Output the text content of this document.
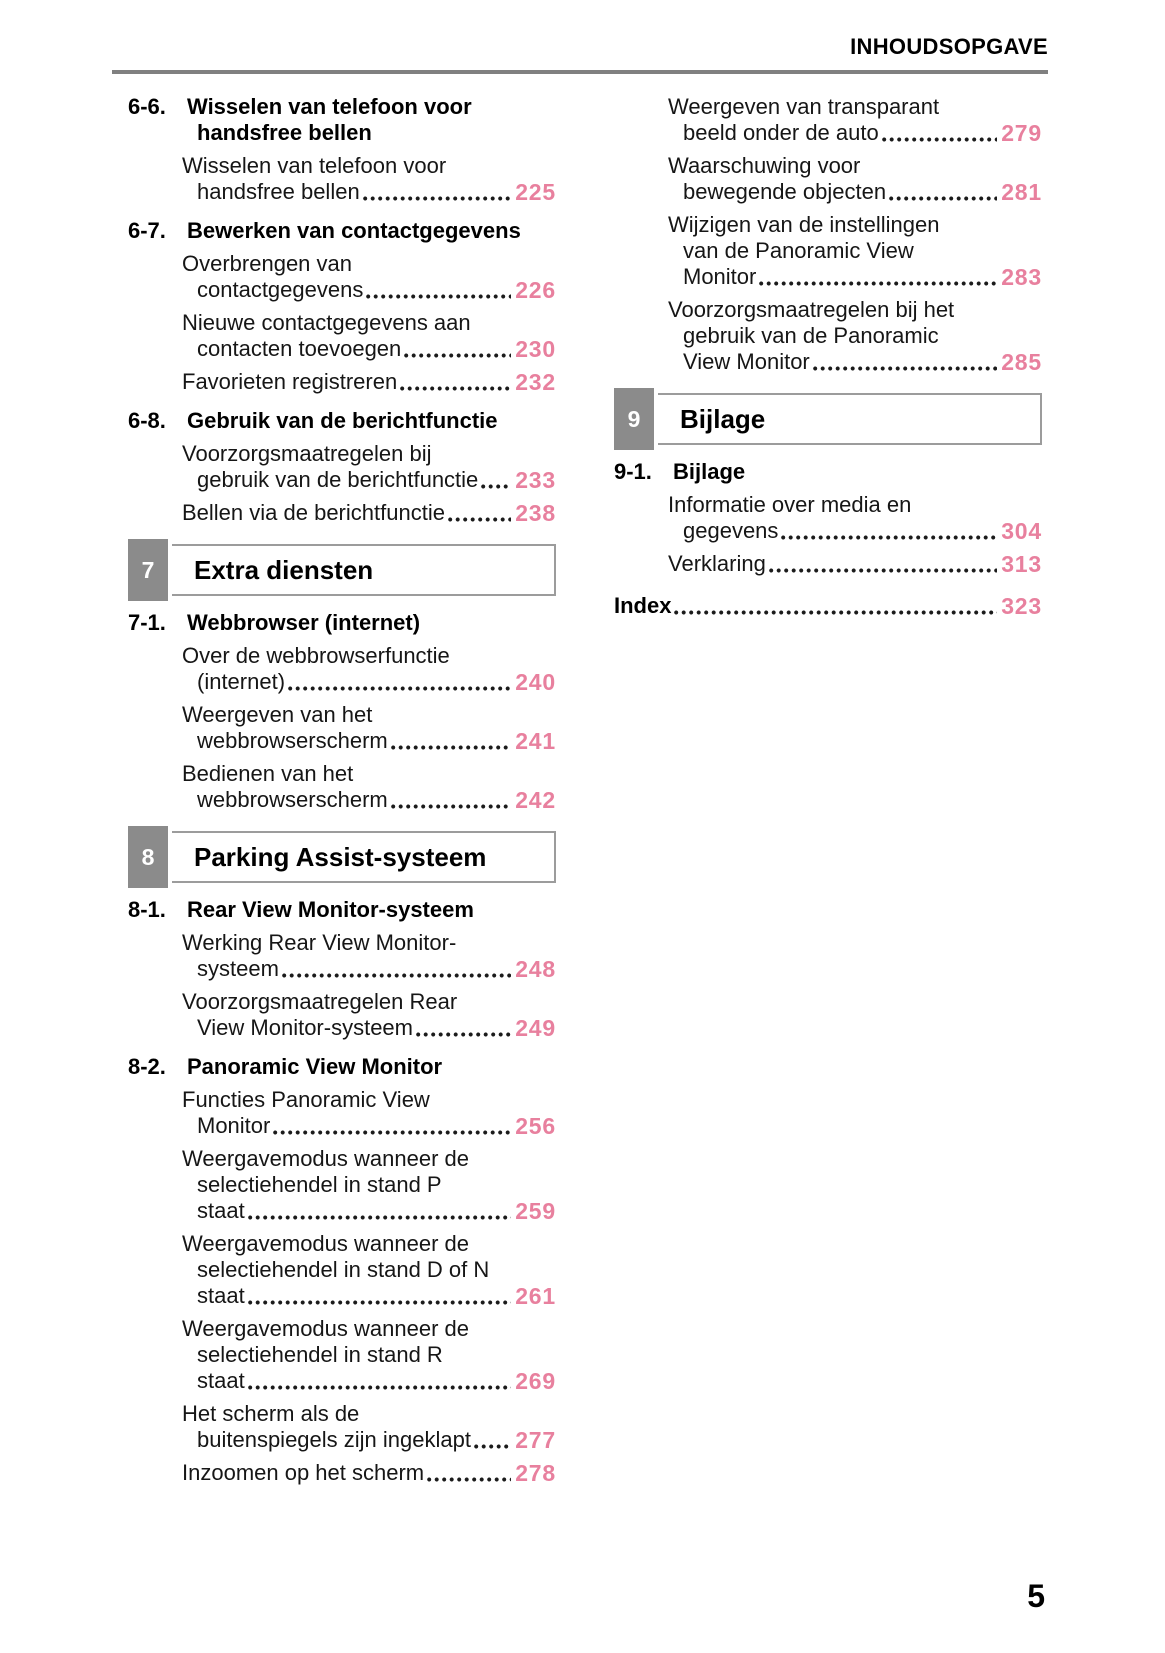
INHOUDSOPGAVE
6-6. Wisselen van telefoon voor
handsfree bellen
Wisselen van telefoon voor
handsfree bellen	225
6-7. Bewerken van contactgegevens
Overbrengen van
contactgegevens	226
Nieuwe contactgegevens aan
contacten toevoegen	230
Favorieten registreren	232
6-8. Gebruik van de berichtfunctie
Voorzorgsmaatregelen bij
gebruik van de berichtfunctie 233
Bellen via de berichtfunctie	238
7	Extra diensten
7-1. Webbrowser (internet)
Over de webbrowserfunctie
(internet)	240
Weergeven van het
webbrowserscherm	241
Bedienen van het
webbrowserscherm	242
8	Parking Assist-systeem
8-1. Rear View Monitor-systeem
Werking Rear View Monitor-
systeem	248
Voorzorgsmaatregelen Rear
View Monitor-systeem	249
8-2. Panoramic View Monitor
Functies Panoramic View
Monitor	256
Weergavemodus wanneer de
selectiehendel in stand P
staat	259
Weergavemodus wanneer de
selectiehendel in stand D of N
staat	261
Weergavemodus wanneer de
selectiehendel in stand R
staat	269
Het scherm als de
buitenspiegels zijn ingeklapt 277
Inzoomen op het scherm	278
Weergeven van transparant
beeld onder de auto	279
Waarschuwing voor
bewegende objecten	281
Wijzigen van de instellingen
van de Panoramic View
Monitor	283
Voorzorgsmaatregelen bij het
gebruik van de Panoramic
View Monitor	285
9	Bijlage
9-1. Bijlage
Informatie over media en
gegevens	304
Verklaring	313
Index	323
5
